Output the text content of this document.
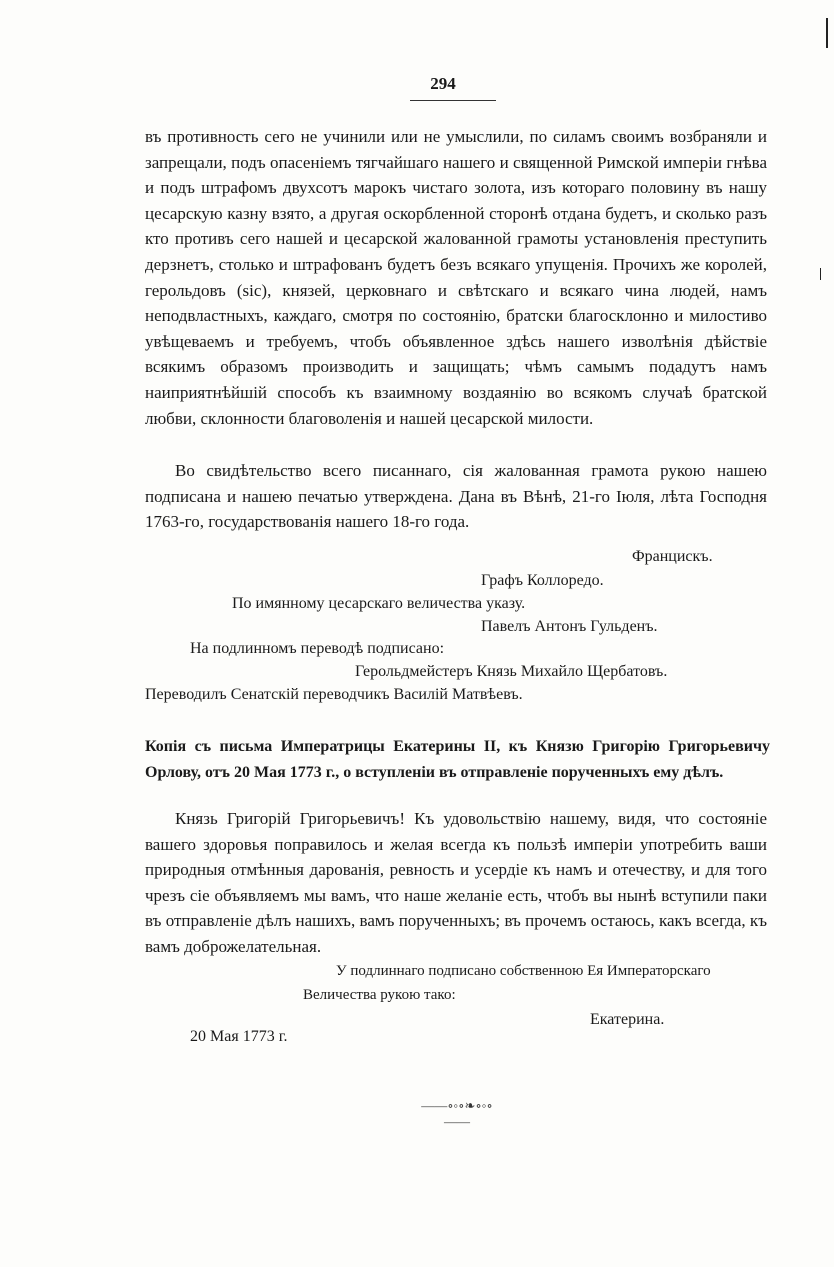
294

въ противность сего не учинили или не умыслили, по силамъ своимъ возбраняли и запрещали, подъ опасеніемъ тягчайшаго нашего и священной Римской имперіи гнѣва и подъ штрафомъ двухсотъ марокъ чистаго золота, изъ котораго половину въ нашу цесарскую казну взято, а другая оскорбленной сторонѣ отдана будетъ, и сколько разъ кто противъ сего нашей и цесарской жалованной грамоты установленія преступить дерзнетъ, столько и штрафованъ будетъ безъ всякаго упущенія. Прочихъ же королей, герольдовъ (sic), князей, церковнаго и свѣтскаго и всякаго чина людей, намъ неподвластныхъ, каждаго, смотря по состоянію, братски благосклонно и милостиво увѣщеваемъ и требуемъ, чтобъ объявленное здѣсь нашего изволѣнія дѣйствіе всякимъ образомъ производить и защищать; чѣмъ самымъ подадутъ намъ наиприятнѣйшій способъ къ взаимному воздаянію во всякомъ случаѣ братской любви, склонности благоволенія и нашей цесарской милости.

Во свидѣтельство всего писаннаго, сія жалованная грамота рукою нашею подписана и нашею печатью утверждена. Дана въ Вѣнѣ, 21-го Іюля, лѣта Господня 1763-го, государствованія нашего 18-го года.

Францискъ.
Графъ Коллоредо.
По имянному цесарскаго величества указу.
Павелъ Антонъ Гульденъ.
На подлинномъ переводѣ подписано:
Герольдмейстеръ Князь Михайло Щербатовъ.
Переводилъ Сенатскій переводчикъ Василій Матвѣевъ.

Копія съ письма Императрицы Екатерины II, къ Князю Григорію Григорьевичу Орлову, отъ 20 Мая 1773 г., о вступленіи въ отправленіе порученныхъ ему дѣлъ.

Князь Григорій Григорьевичъ! Къ удовольствію нашему, видя, что состояніе вашего здоровья поправилось и желая всегда къ пользѣ имперіи употребить ваши природныя отмѣнныя дарованія, ревность и усердіе къ намъ и отечеству, и для того чрезъ сіе объявляемъ мы вамъ, что наше желаніе есть, чтобъ вы нынѣ вступили паки въ отправленіе дѣлъ нашихъ, вамъ порученныхъ; въ прочемъ остаюсь, какъ всегда, къ вамъ доброжелательная.

У подлиннаго подписано собственною Ея Императорскаго
Величества рукою тако:
Екатерина.
20 Мая 1773 г.
——∘◦∘❧∘◦∘——
